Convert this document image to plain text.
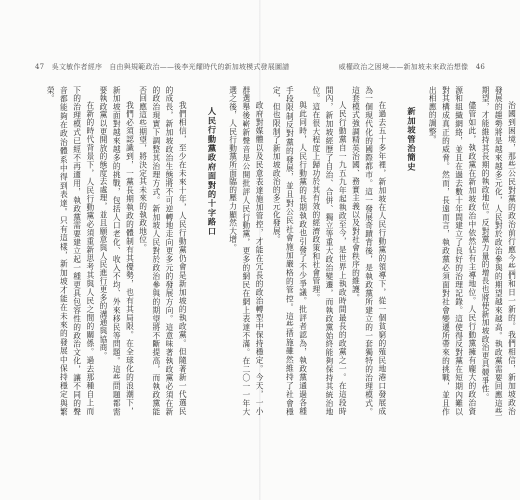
47 吳文敏作者經序　自由與規範政治——後李光耀時代的新加坡模式發展圖譜	威權政治之困境——新加坡未來政治想像 46

治國到困境，那些公民對黨的政治前行應今些們和日一新的。我們相信，新加坡政治發展的趨勢將是越來越多元化，人民對於政治參與的期望越來越高。執政黨需要回應這些期望，才能維持其長期的執政地位。反對黨力量的增長也將使新加坡政治更具競爭性。

儘管如此，執政黨在新加坡政治中依然佔有主導地位。人民行動黨擁有龐大的政治資源和組織網絡，並且在過去數十年間建立了良好的治理記錄。這使得反對黨在短期內難以對其構成真正的威脅。然而，長遠而言，執政黨必須面對社會變遷所帶來的挑戰，並且作出相應的調整。

新加坡管治簡史

在過去五十多年裡，新加坡在人民行動黨的領導下，從一個貧窮的殖民地港口發展成為一個現代化的國際都市。這一發展奇蹟背後，是執政黨所建立的一套獨特的治理模式。這套模式強調精英治國、務實主義以及對社會秩序的維護。

人民行動黨自一九五九年起執政至今，是世界上執政時間最長的政黨之一。在這段時間內，新加坡經歷了自治、合併、獨立等重大政治變遷，而執政黨始終能夠保持其統治地位。這在很大程度上歸功於其有效的經濟政策和社會管理。

與此同時，人民行動黨的長期執政也引發了不少爭議。批評者認為，執政黨通過各種手段限制反對黨的發展，並且對公民社會施加嚴格的管控。這些措施雖然維持了社會穩定，但也限制了新加坡政治的多元化發展。

政府對媒體以及民意表達施加管控，才能在冗長的政治轉型中保持穩定。今天，一小群選舉後嶄新聲音是公開批評人民行動黨，更多的網民在網上表達不滿。在二〇一一年大選之後，人民行動黨所面臨的壓力顯然大增。

人民行動黨政府面對的十字路口

我們相信，至少在未來十年，人民行動黨仍會是新加坡的執政黨。但隨著新一代選民的成長，新加坡政治生態將不可逆轉地走向更多元的發展方向。這意味著執政黨必須在新的政治現實下調整其治理方式。新加坡人民對於政治參與的期望將不斷提高，而執政黨能否回應這些期望，將決定其未來的執政地位。

我們必須認識到，一黨長期執政的體制有其優勢，也有其局限。在全球化的浪潮下，新加坡面對越來越多的挑戰，包括人口老化、收入不均、外來移民等問題。這些問題都需要執政黨以更開放的態度去處理，並且願意與人民進行更多的溝通與協商。

在新的時代背景下，人民行動黨必須重新思考其與人民之間的關係。過去那種自上而下的治理模式已經不再適用，執政黨需要建立起一種更具包容性的政治文化，讓不同的聲音都能夠在政治體系中得到表達。只有這樣，新加坡才能在未來的發展中保持穩定與繁榮。
